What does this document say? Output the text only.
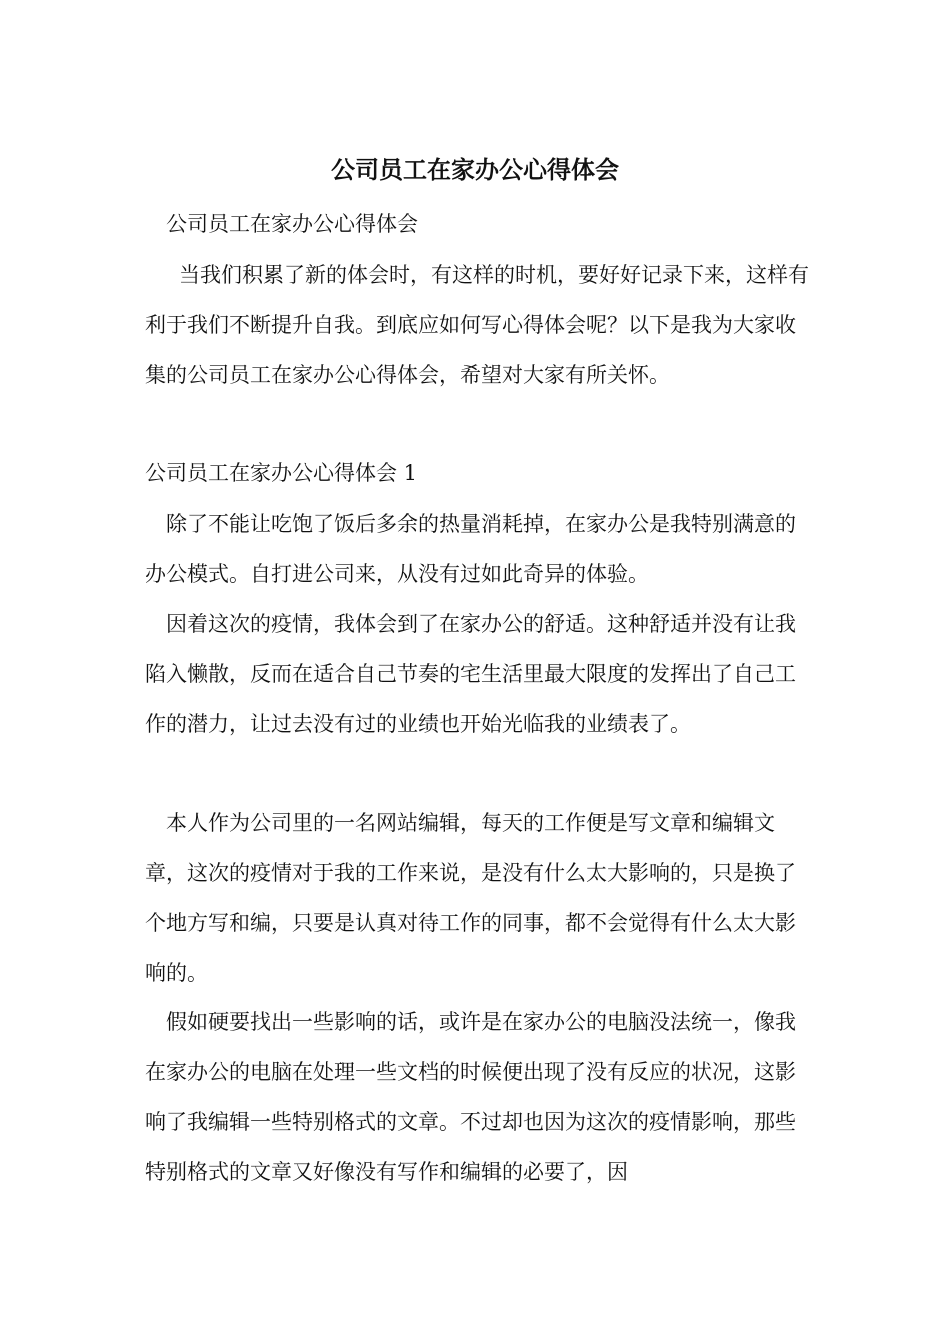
公司员工在家办公心得体会

公司员工在家办公心得体会

当我们积累了新的体会时，有这样的时机，要好好记录下来，这样有利于我们不断提升自我。到底应如何写心得体会呢？以下是我为大家收集的公司员工在家办公心得体会，希望对大家有所关怀。

公司员工在家办公心得体会 1

除了不能让吃饱了饭后多余的热量消耗掉，在家办公是我特别满意的办公模式。自打进公司来，从没有过如此奇异的体验。

因着这次的疫情，我体会到了在家办公的舒适。这种舒适并没有让我陷入懒散，反而在适合自己节奏的宅生活里最大限度的发挥出了自己工作的潜力，让过去没有过的业绩也开始光临我的业绩表了。

本人作为公司里的一名网站编辑，每天的工作便是写文章和编辑文章，这次的疫情对于我的工作来说，是没有什么太大影响的，只是换了个地方写和编，只要是认真对待工作的同事，都不会觉得有什么太大影响的。

假如硬要找出一些影响的话，或许是在家办公的电脑没法统一，像我在家办公的电脑在处理一些文档的时候便出现了没有反应的状况，这影响了我编辑一些特别格式的文章。不过却也因为这次的疫情影响，那些特别格式的文章又好像没有写作和编辑的必要了，因
